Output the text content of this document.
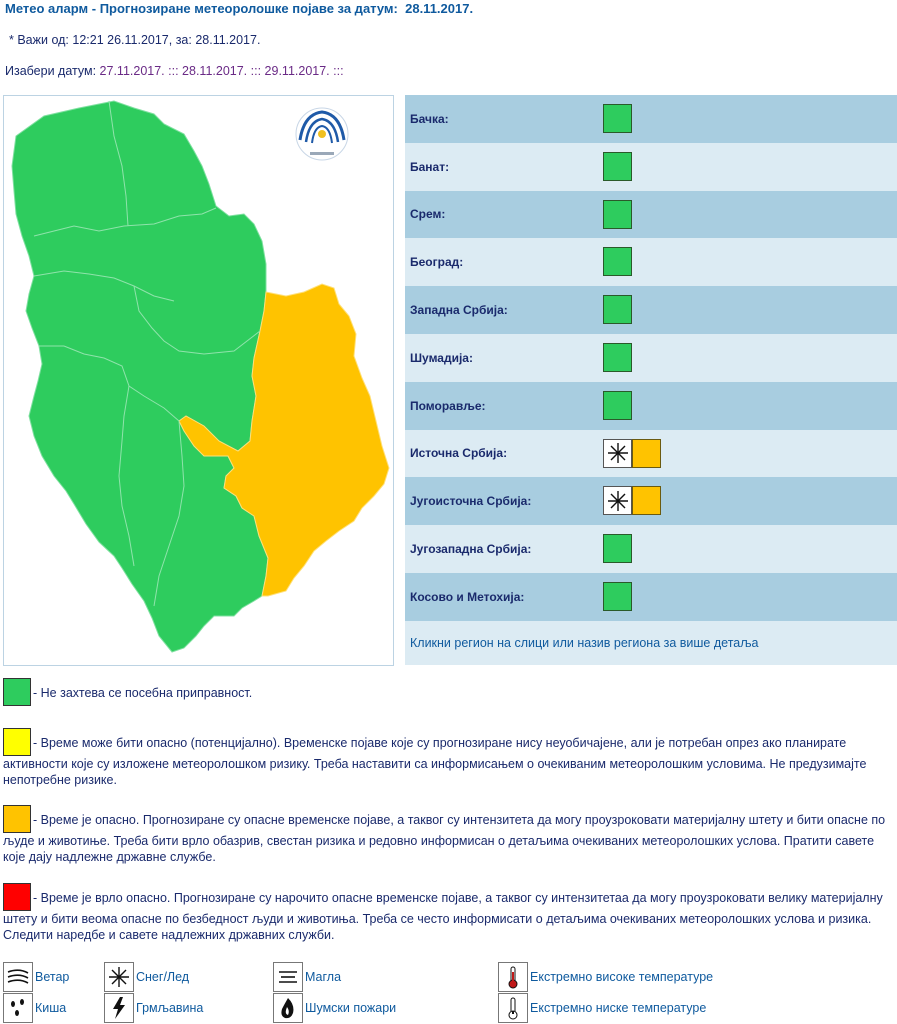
Метео аларм - Прогнозиране метеоролошке појаве за датум: 28.11.2017.
* Важи од: 12:21 26.11.2017, за: 28.11.2017.
Изабери датум: 27.11.2017. ::: 28.11.2017. ::: 29.11.2017. :::
Бачка:
Банат:
Срем:
Београд:
Западна Србија:
Шумадија:
Поморавље:
Источна Србија:
Југоисточна Србија:
Југозападна Србија:
Косово и Метохија:
Кликни регион на слици или назив региона за више детаља
- Не захтева се посебна приправност.
- Време може бити опасно (потенцијално). Временске појаве које су прогнозиране нису неуобичајене, али је потребан опрез ако планирате активности које су изложене метеоролошком ризику. Треба наставити са информисањем о очекиваним метеоролошким условима. Не предузимајте непотребне ризике.
- Време је опасно. Прогнозиране су опасне временске појаве, а таквог су интензитета да могу проузроковати материјалну штету и бити опасне по људе и животиње. Треба бити врло обазрив, свестан ризика и редовно информисан о детаљима очекиваних метеоролошких услова. Пратити савете које дају надлежне државне службе.
- Време је врло опасно. Прогнозиране су нарочито опасне временске појаве, а таквог су интензитетаа да могу проузроковати велику материјалну штету и бити веома опасне по безбедност људи и животиња. Треба се често информисати о детаљима очекиваних метеоролошких услова и ризика. Следити наредбе и савете надлежних државних служби.
Ветар	Снег/Лед	Магла	Екстремно високе температуре
Киша	Грмљавина	Шумски пожари	Екстремно ниске температуре
